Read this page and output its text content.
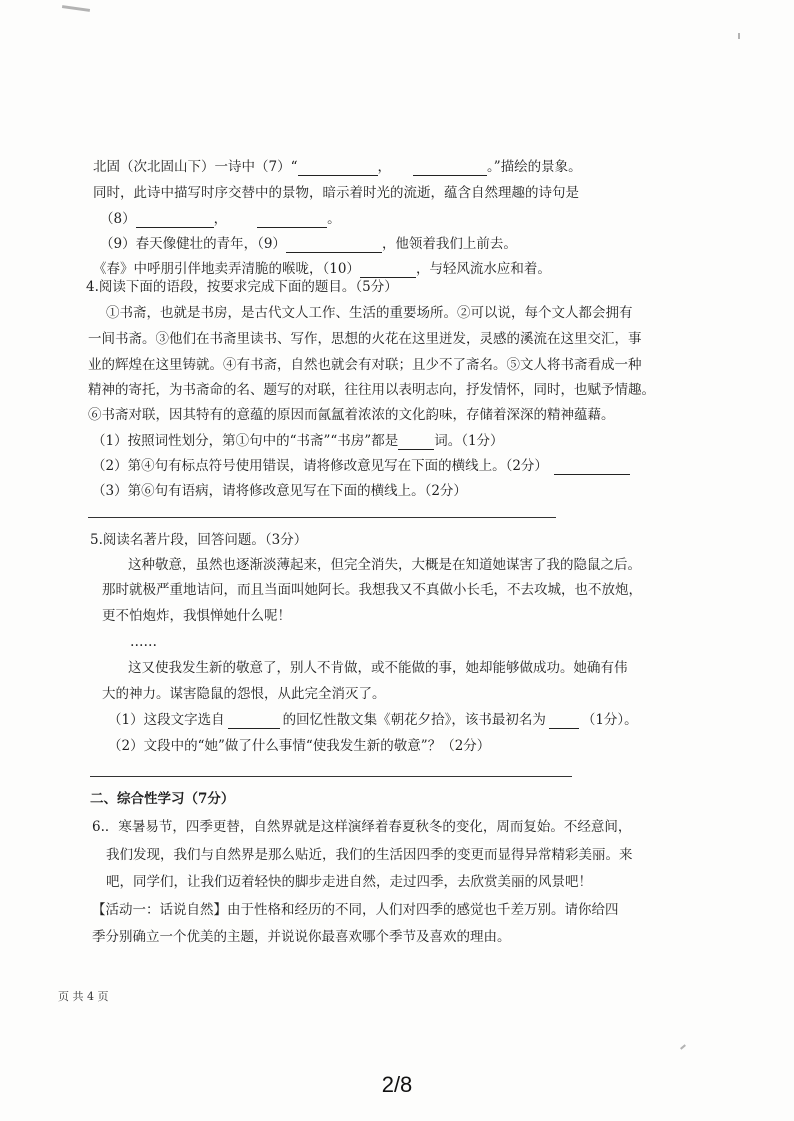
北固（次北固山下）一诗中（7）“	，	。”描绘的景象。
同时，此诗中描写时序交替中的景物，暗示着时光的流逝，蕴含自然理趣的诗句是
（8）	，	。
（9）春天像健壮的青年，（9）	，他领着我们上前去。
《春》中呼朋引伴地卖弄清脆的喉咙，（10）	，与轻风流水应和着。
4.阅读下面的语段，按要求完成下面的题目。（5分）
①书斋，也就是书房，是古代文人工作、生活的重要场所。②可以说，每个文人都会拥有
一间书斋。③他们在书斋里读书、写作，思想的火花在这里迸发，灵感的溪流在这里交汇，事
业的辉煌在这里铸就。④有书斋，自然也就会有对联；且少不了斋名。⑤文人将书斋看成一种
精神的寄托，为书斋命的名、题写的对联，往往用以表明志向，抒发情怀，同时，也赋予情趣。
⑥书斋对联，因其特有的意蕴的原因而氤氲着浓浓的文化韵味，存储着深深的精神蕴藉。
（1）按照词性划分，第①句中的“书斋”“书房”都是	词。（1分）
（2）第④句有标点符号使用错误，请将修改意见写在下面的横线上。（2分）
（3）第⑥句有语病，请将修改意见写在下面的横线上。（2分）
5.阅读名著片段，回答问题。（3分）
这种敬意，虽然也逐渐淡薄起来，但完全消失，大概是在知道她谋害了我的隐鼠之后。
那时就极严重地诘问，而且当面叫她阿长。我想我又不真做小长毛，不去攻城，也不放炮，
更不怕炮炸，我惧惮她什么呢！
……
这又使我发生新的敬意了，别人不肯做，或不能做的事，她却能够做成功。她确有伟
大的神力。谋害隐鼠的怨恨，从此完全消灭了。
（1）这段文字选自	的回忆性散文集《朝花夕拾》，该书最初名为	（1分）。
（2）文段中的“她”做了什么事情“使我发生新的敬意”？（2分）
二、综合性学习（7分）
6.．寒暑易节，四季更替，自然界就是这样演绎着春夏秋冬的变化，周而复始。不经意间，
我们发现，我们与自然界是那么贴近，我们的生活因四季的变更而显得异常精彩美丽。来
吧，同学们，让我们迈着轻快的脚步走进自然，走过四季，去欣赏美丽的风景吧！
【活动一：话说自然】由于性格和经历的不同，人们对四季的感觉也千差万别。请你给四
季分别确立一个优美的主题，并说说你最喜欢哪个季节及喜欢的理由。
页 共 4 页
2/8
